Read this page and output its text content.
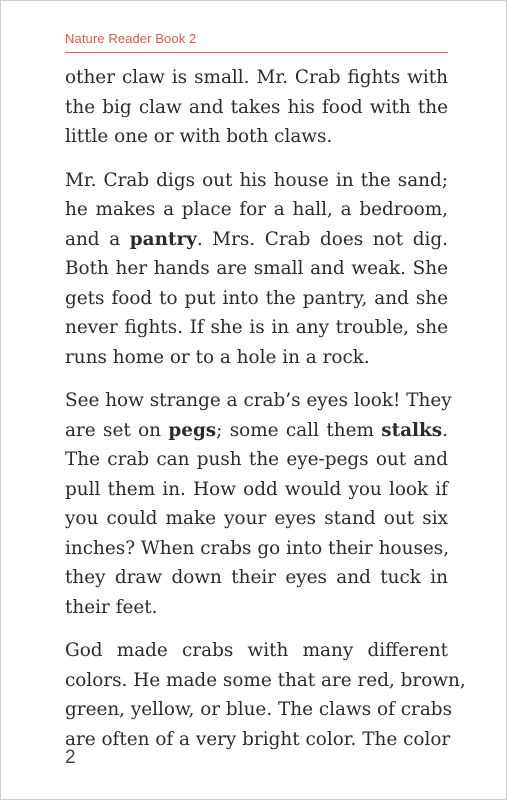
Nature Reader Book 2

other claw is small. Mr. Crab fights with
the big claw and takes his food with the
little one or with both claws.

Mr. Crab digs out his house in the sand;
he makes a place for a hall, a bedroom,
and a pantry. Mrs. Crab does not dig.
Both her hands are small and weak. She
gets food to put into the pantry, and she
never fights. If she is in any trouble, she
runs home or to a hole in a rock.

See how strange a crab’s eyes look! They
are set on pegs; some call them stalks.
The crab can push the eye-pegs out and
pull them in. How odd would you look if
you could make your eyes stand out six
inches? When crabs go into their houses,
they draw down their eyes and tuck in
their feet.

God made crabs with many different
colors. He made some that are red, brown,
green, yellow, or blue. The claws of crabs
are often of a very bright color. The color

2
